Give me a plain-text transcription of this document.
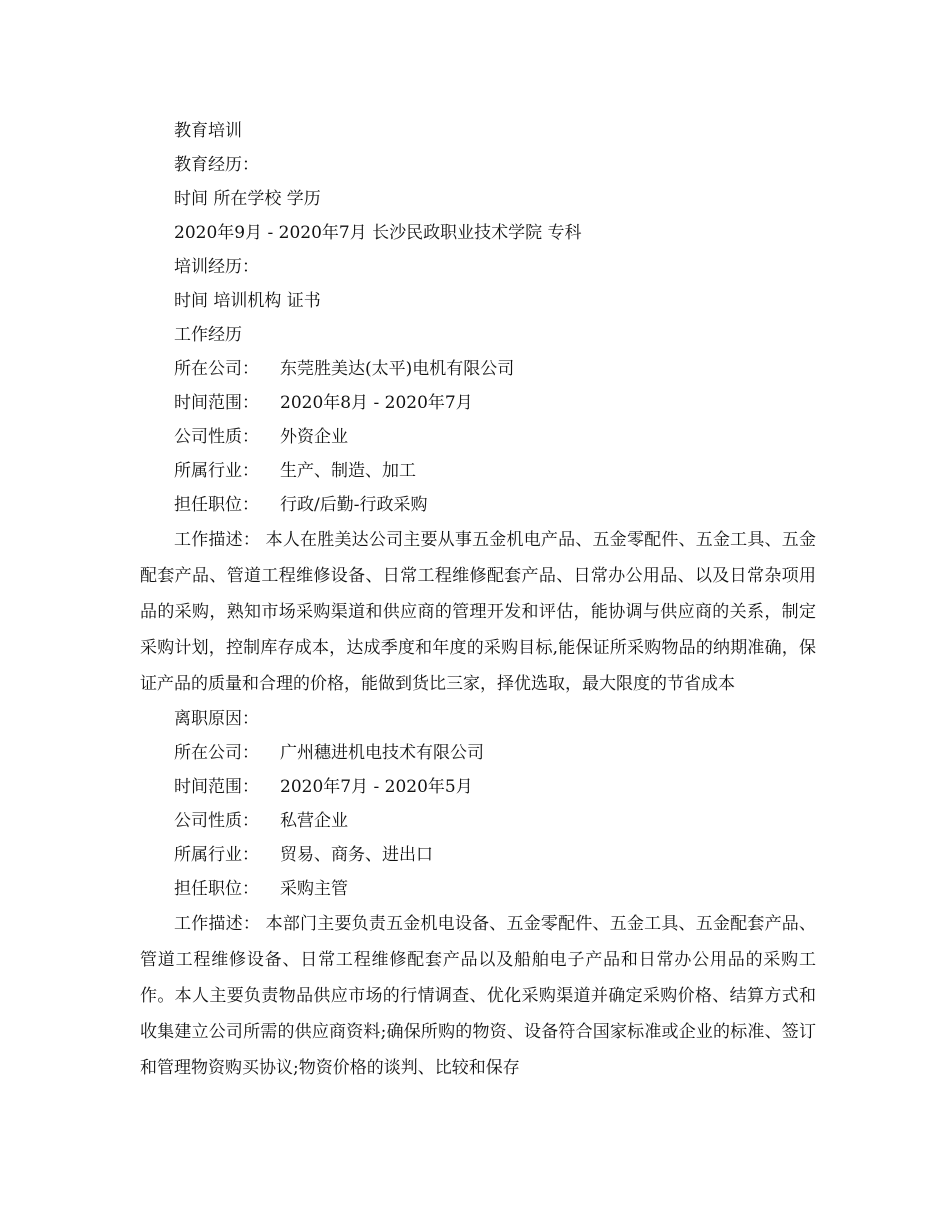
教育培训
教育经历：
时间 所在学校 学历
2020年9月 - 2020年7月 长沙民政职业技术学院 专科
培训经历：
时间 培训机构 证书
工作经历
所在公司： 东莞胜美达(太平)电机有限公司
时间范围： 2020年8月 - 2020年7月
公司性质： 外资企业
所属行业： 生产、制造、加工
担任职位： 行政/后勤-行政采购

工作描述： 本人在胜美达公司主要从事五金机电产品、五金零配件、五金工具、五金配套产品、管道工程维修设备、日常工程维修配套产品、日常办公用品、以及日常杂项用品的采购，熟知市场采购渠道和供应商的管理开发和评估，能协调与供应商的关系，制定采购计划，控制库存成本，达成季度和年度的采购目标,能保证所采购物品的纳期准确，保证产品的质量和合理的价格，能做到货比三家，择优选取，最大限度的节省成本

离职原因：
所在公司： 广州穗进机电技术有限公司
时间范围： 2020年7月 - 2020年5月
公司性质： 私营企业
所属行业： 贸易、商务、进出口
担任职位： 采购主管

工作描述： 本部门主要负责五金机电设备、五金零配件、五金工具、五金配套产品、管道工程维修设备、日常工程维修配套产品以及船舶电子产品和日常办公用品的采购工作。本人主要负责物品供应市场的行情调查、优化采购渠道并确定采购价格、结算方式和收集建立公司所需的供应商资料;确保所购的物资、设备符合国家标准或企业的标准、签订和管理物资购买协议;物资价格的谈判、比较和保存
